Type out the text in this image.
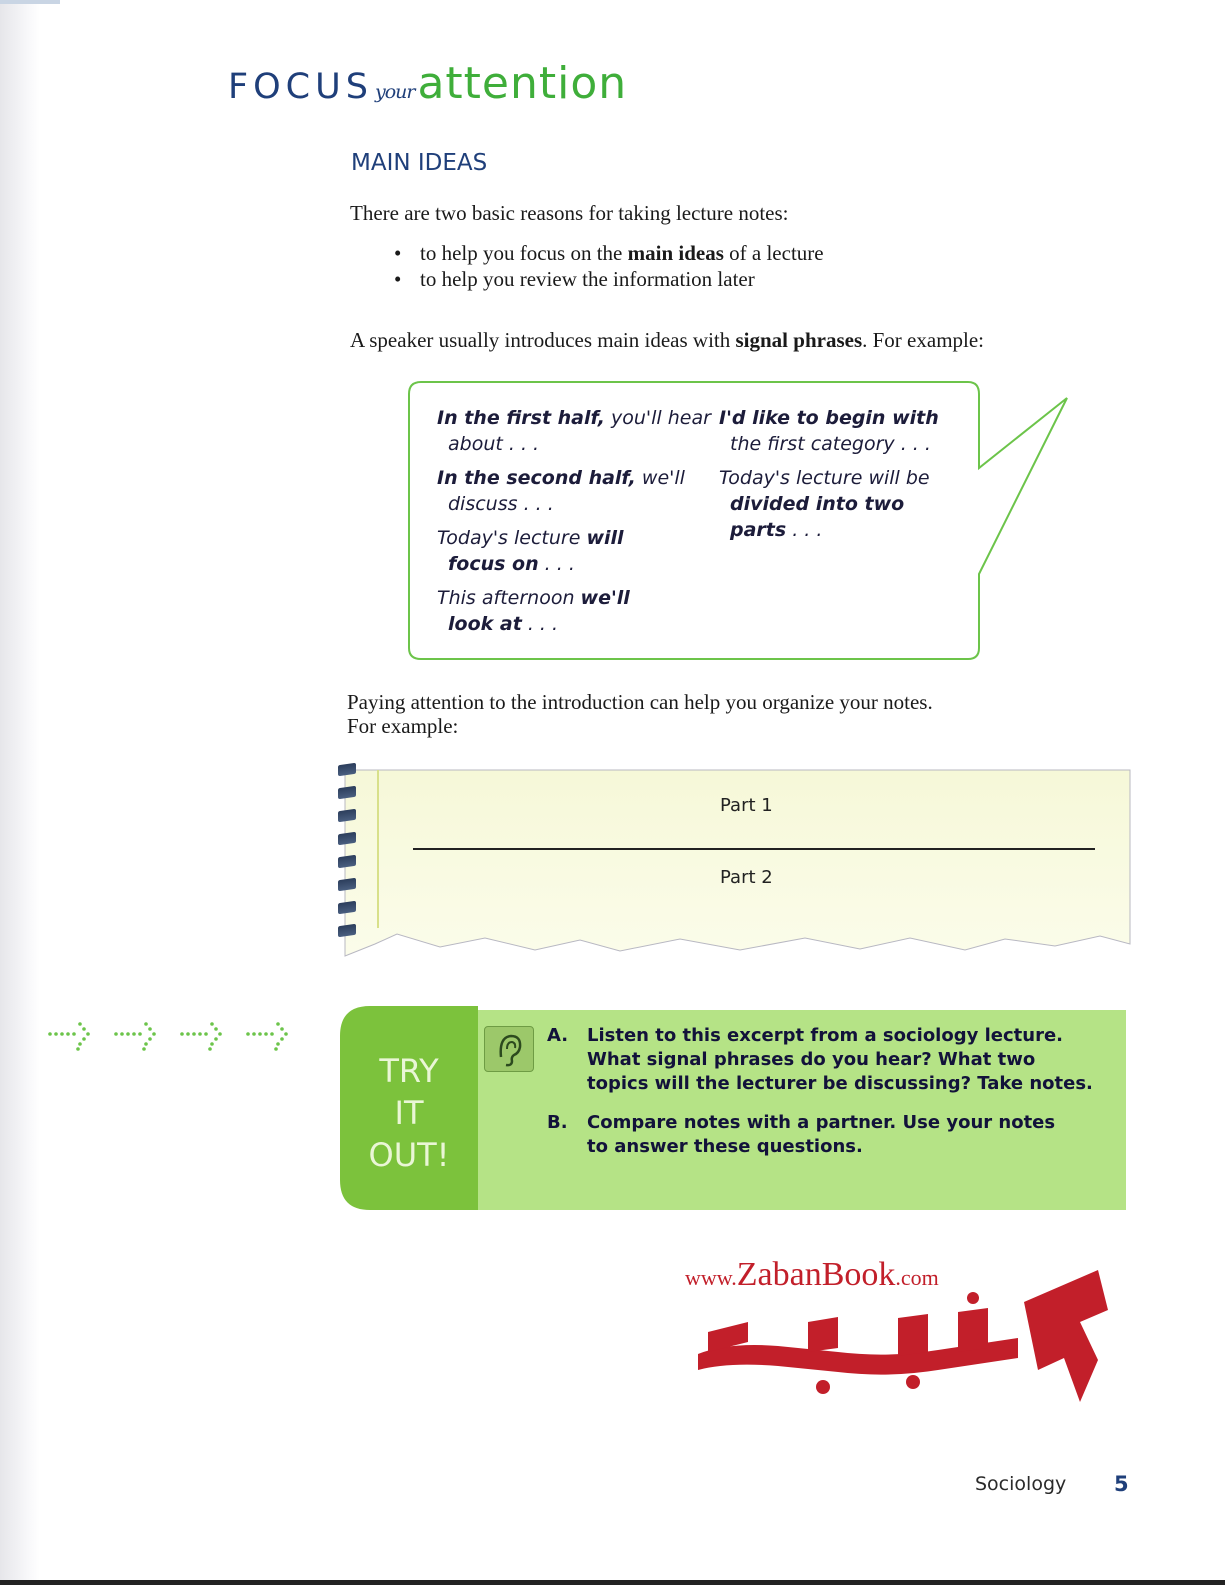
FOCUS yourattention
MAIN IDEAS
There are two basic reasons for taking lecture notes:
• to help you focus on the main ideas of a lecture
• to help you review the information later
A speaker usually introduces main ideas with signal phrases. For example:
In the first half, you'll hear
about . . .
In the second half, we'll
discuss . . .
Today's lecture will
focus on . . .
This afternoon we'll
look at . . .
I'd like to begin with
the first category . . .
Today's lecture will be
divided into two
parts . . .
Paying attention to the introduction can help you organize your notes.
For example:
Part 1
Part 2
TRY
IT
OUT!
A. Listen to this excerpt from a sociology lecture.
What signal phrases do you hear? What two
topics will the lecturer be discussing? Take notes.
B. Compare notes with a partner. Use your notes
to answer these questions.
www.ZabanBook.com
Sociology 5
